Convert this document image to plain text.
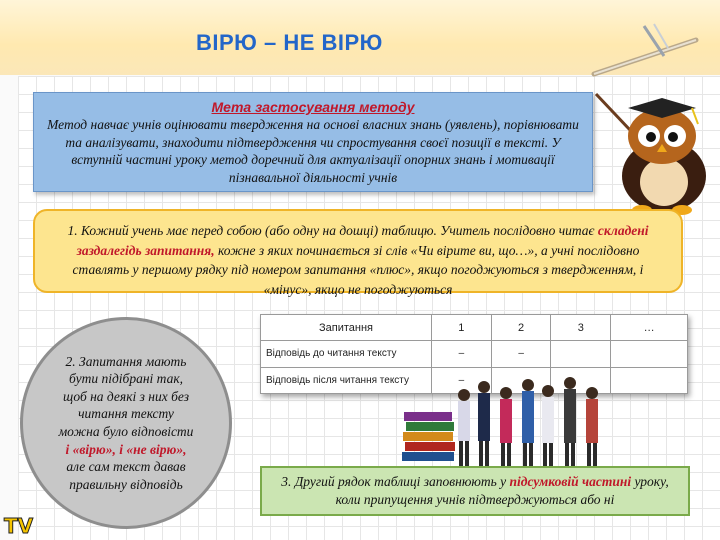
ВІРЮ – НЕ ВІРЮ
Мета застосування методу
Метод навчає учнів оцінювати твердження на основі власних знань (уявлень), порівнювати та аналізувати, знаходити підтвердження чи спростування своєї позиції в тексті. У вступній частині уроку метод доречний для актуалізації опорних знань і мотивації пізнавальної діяльності учнів
1. Кожний учень має перед собою (або одну на дошці) таблицю. Учитель послідовно читає складені заздалегідь запитання, кожне з яких починається зі слів «Чи вірите ви, що…», а учні послідовно ставлять у першому рядку під номером запитання «плюс», якщо погоджуються з твердженням, і «мінус», якщо не погоджуються
Запитання	1	2	3	…
Відповідь до читання тексту	–	–		
Відповідь після читання тексту	–			
2. Запитання мають бути підібрані так, щоб на деякі з них без читання тексту можна було відповісти і «вірю», і «не вірю», але сам текст давав правильну відповідь	3. Другий рядок таблиці заповнюють у підсумковій частині уроку, коли припущення учнів підтверджуються або ні
TV
